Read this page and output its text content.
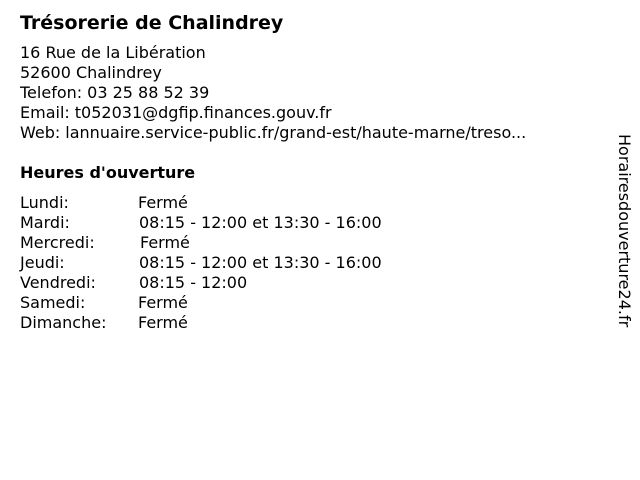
Trésorerie de Chalindrey
16 Rue de la Libération
52600 Chalindrey
Telefon: 03 25 88 52 39
Email: t052031@dgfip.finances.gouv.fr
Web: lannuaire.service-public.fr/grand-est/haute-marne/treso...
Heures d'ouverture
Lundi:	Fermé
Mardi:	08:15 - 12:00 et 13:30 - 16:00
Mercredi:	Fermé
Jeudi:	08:15 - 12:00 et 13:30 - 16:00
Vendredi:	08:15 - 12:00
Samedi:	Fermé
Dimanche:	Fermé	Horairesdouverture24.fr
